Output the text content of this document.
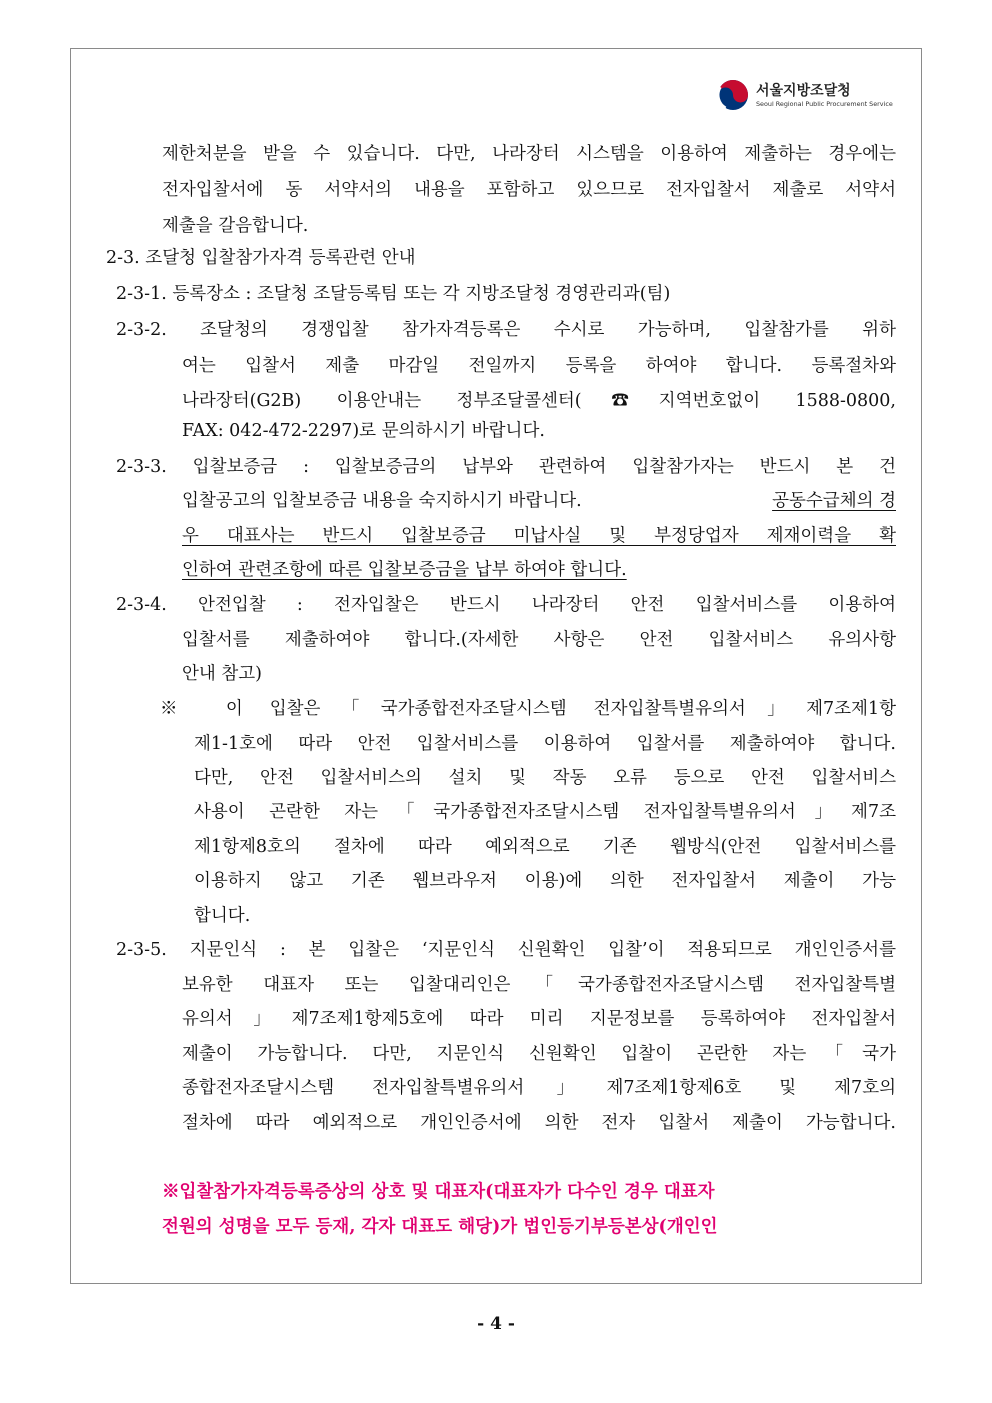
서울지방조달청
Seoul Regional Public Procurement Service
제한처분을 받을 수 있습니다. 다만, 나라장터 시스템을 이용하여 제출하는 경우에는
전자입찰서에 동 서약서의 내용을 포함하고 있으므로 전자입찰서 제출로 서약서
제출을 갈음합니다.
2-3. 조달청 입찰참가자격 등록관련 안내
2-3-1. 등록장소 : 조달청 조달등록팀 또는 각 지방조달청 경영관리과(팀)
2-3-2. 조달청의 경쟁입찰 참가자격등록은 수시로 가능하며, 입찰참가를 위하
여는 입찰서 제출 마감일 전일까지 등록을 하여야 합니다. 등록절차와
나라장터(G2B) 이용안내는 정부조달콜센터(☎지역번호없이 1588-0800,
FAX: 042-472-2297)로 문의하시기 바랍니다.
2-3-3. 입찰보증금 : 입찰보증금의 납부와 관련하여 입찰참가자는 반드시 본 건
입찰공고의 입찰보증금 내용을 숙지하시기 바랍니다.	공동수급체의 경
우 대표사는 반드시 입찰보증금 미납사실 및 부정당업자 제재이력을 확
인하여 관련조항에 따른 입찰보증금을 납부 하여야 합니다.
2-3-4. 안전입찰 : 전자입찰은 반드시 나라장터 안전 입찰서비스를 이용하여
입찰서를 제출하여야 합니다.(자세한 사항은 안전 입찰서비스 유의사항
안내 참고)
※ 이 입찰은「국가종합전자조달시스템 전자입찰특별유의서」제7조제1항
제1-1호에 따라 안전 입찰서비스를 이용하여 입찰서를 제출하여야 합니다.
다만, 안전 입찰서비스의 설치 및 작동 오류 등으로 안전 입찰서비스
사용이 곤란한 자는「국가종합전자조달시스템 전자입찰특별유의서」제7조
제1항제8호의 절차에 따라 예외적으로 기존 웹방식(안전 입찰서비스를
이용하지 않고 기존 웹브라우저 이용)에 의한 전자입찰서 제출이 가능
합니다.
2-3-5. 지문인식 : 본 입찰은 ‘지문인식 신원확인 입찰’이 적용되므로 개인인증서를
보유한 대표자 또는 입찰대리인은「국가종합전자조달시스템 전자입찰특별
유의서」제7조제1항제5호에 따라 미리 지문정보를 등록하여야 전자입찰서
제출이 가능합니다. 다만, 지문인식 신원확인 입찰이 곤란한 자는「국가
종합전자조달시스템 전자입찰특별유의서」제7조제1항제6호 및 제7호의
절차에 따라 예외적으로 개인인증서에 의한 전자 입찰서 제출이 가능합니다.
※입찰참가자격등록증상의 상호 및 대표자(대표자가 다수인 경우 대표자
전원의 성명을 모두 등재, 각자 대표도 해당)가 법인등기부등본상(개인인
- 4 -
